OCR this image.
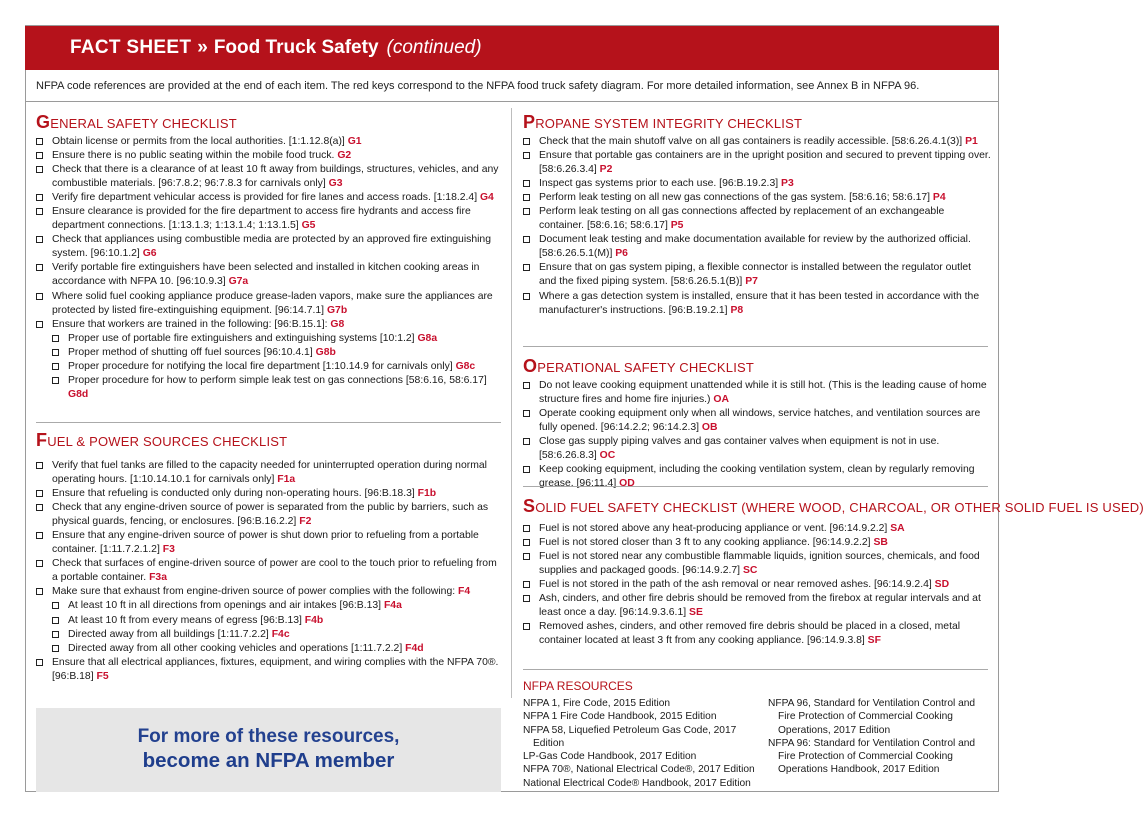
FACT SHEET » Food Truck Safety (continued)
NFPA code references are provided at the end of each item. The red keys correspond to the NFPA food truck safety diagram. For more detailed information, see Annex B in NFPA 96.
GENERAL SAFETY CHECKLIST
Obtain license or permits from the local authorities. [1:1.12.8(a)] G1
Ensure there is no public seating within the mobile food truck. G2
Check that there is a clearance of at least 10 ft away from buildings, structures, vehicles, and any combustible materials. [96:7.8.2; 96:7.8.3 for carnivals only] G3
Verify fire department vehicular access is provided for fire lanes and access roads. [1:18.2.4] G4
Ensure clearance is provided for the fire department to access fire hydrants and access fire department connections. [1:13.1.3; 1:13.1.4; 1:13.1.5] G5
Check that appliances using combustible media are protected by an approved fire extinguishing system. [96:10.1.2] G6
Verify portable fire extinguishers have been selected and installed in kitchen cooking areas in accordance with NFPA 10. [96:10.9.3] G7a
Where solid fuel cooking appliance produce grease-laden vapors, make sure the appliances are protected by listed fire-extinguishing equipment. [96:14.7.1] G7b
Ensure that workers are trained in the following: [96:B.15.1]: G8
Proper use of portable fire extinguishers and extinguishing systems [10:1.2] G8a
Proper method of shutting off fuel sources [96:10.4.1] G8b
Proper procedure for notifying the local fire department [1:10.14.9 for carnivals only] G8c
Proper procedure for how to perform simple leak test on gas connections [58:6.16, 58:6.17] G8d
FUEL & POWER SOURCES CHECKLIST
Verify that fuel tanks are filled to the capacity needed for uninterrupted operation during normal operating hours. [1:10.14.10.1 for carnivals only] F1a
Ensure that refueling is conducted only during non-operating hours. [96:B.18.3] F1b
Check that any engine-driven source of power is separated from the public by barriers, such as physical guards, fencing, or enclosures. [96:B.16.2.2] F2
Ensure that any engine-driven source of power is shut down prior to refueling from a portable container. [1:11.7.2.1.2] F3
Check that surfaces of engine-driven source of power are cool to the touch prior to refueling from a portable container. F3a
Make sure that exhaust from engine-driven source of power complies with the following: F4
At least 10 ft in all directions from openings and air intakes [96:B.13] F4a
At least 10 ft from every means of egress [96:B.13] F4b
Directed away from all buildings [1:11.7.2.2] F4c
Directed away from all other cooking vehicles and operations [1:11.7.2.2] F4d
Ensure that all electrical appliances, fixtures, equipment, and wiring complies with the NFPA 70®. [96:B.18] F5
For more of these resources,
become an NFPA member
PROPANE SYSTEM INTEGRITY CHECKLIST
Check that the main shutoff valve on all gas containers is readily accessible. [58:6.26.4.1(3)] P1
Ensure that portable gas containers are in the upright position and secured to prevent tipping over. [58:6.26.3.4] P2
Inspect gas systems prior to each use. [96:B.19.2.3] P3
Perform leak testing on all new gas connections of the gas system. [58:6.16; 58:6.17] P4
Perform leak testing on all gas connections affected by replacement of an exchangeable container. [58:6.16; 58:6.17] P5
Document leak testing and make documentation available for review by the authorized official. [58:6.26.5.1(M)] P6
Ensure that on gas system piping, a flexible connector is installed between the regulator outlet and the fixed piping system. [58:6.26.5.1(B)] P7
Where a gas detection system is installed, ensure that it has been tested in accordance with the manufacturer's instructions. [96:B.19.2.1] P8
OPERATIONAL SAFETY CHECKLIST
Do not leave cooking equipment unattended while it is still hot. (This is the leading cause of home structure fires and home fire injuries.) OA
Operate cooking equipment only when all windows, service hatches, and ventilation sources are fully opened. [96:14.2.2; 96:14.2.3] OB
Close gas supply piping valves and gas container valves when equipment is not in use. [58:6.26.8.3] OC
Keep cooking equipment, including the cooking ventilation system, clean by regularly removing grease. [96:11.4] OD
SOLID FUEL SAFETY CHECKLIST (WHERE WOOD, CHARCOAL, OR OTHER SOLID FUEL IS USED)
Fuel is not stored above any heat-producing appliance or vent. [96:14.9.2.2] SA
Fuel is not stored closer than 3 ft to any cooking appliance. [96:14.9.2.2] SB
Fuel is not stored near any combustible flammable liquids, ignition sources, chemicals, and food supplies and packaged goods. [96:14.9.2.7] SC
Fuel is not stored in the path of the ash removal or near removed ashes. [96:14.9.2.4] SD
Ash, cinders, and other fire debris should be removed from the firebox at regular intervals and at least once a day. [96:14.9.3.6.1] SE
Removed ashes, cinders, and other removed fire debris should be placed in a closed, metal container located at least 3 ft from any cooking appliance. [96:14.9.3.8] SF
NFPA RESOURCES
NFPA 1, Fire Code, 2015 Edition
NFPA 1 Fire Code Handbook, 2015 Edition
NFPA 58, Liquefied Petroleum Gas Code, 2017 Edition
LP-Gas Code Handbook, 2017 Edition
NFPA 70®, National Electrical Code®, 2017 Edition
National Electrical Code® Handbook, 2017 Edition
NFPA 96, Standard for Ventilation Control and Fire Protection of Commercial Cooking Operations, 2017 Edition
NFPA 96: Standard for Ventilation Control and Fire Protection of Commercial Cooking Operations Handbook, 2017 Edition
